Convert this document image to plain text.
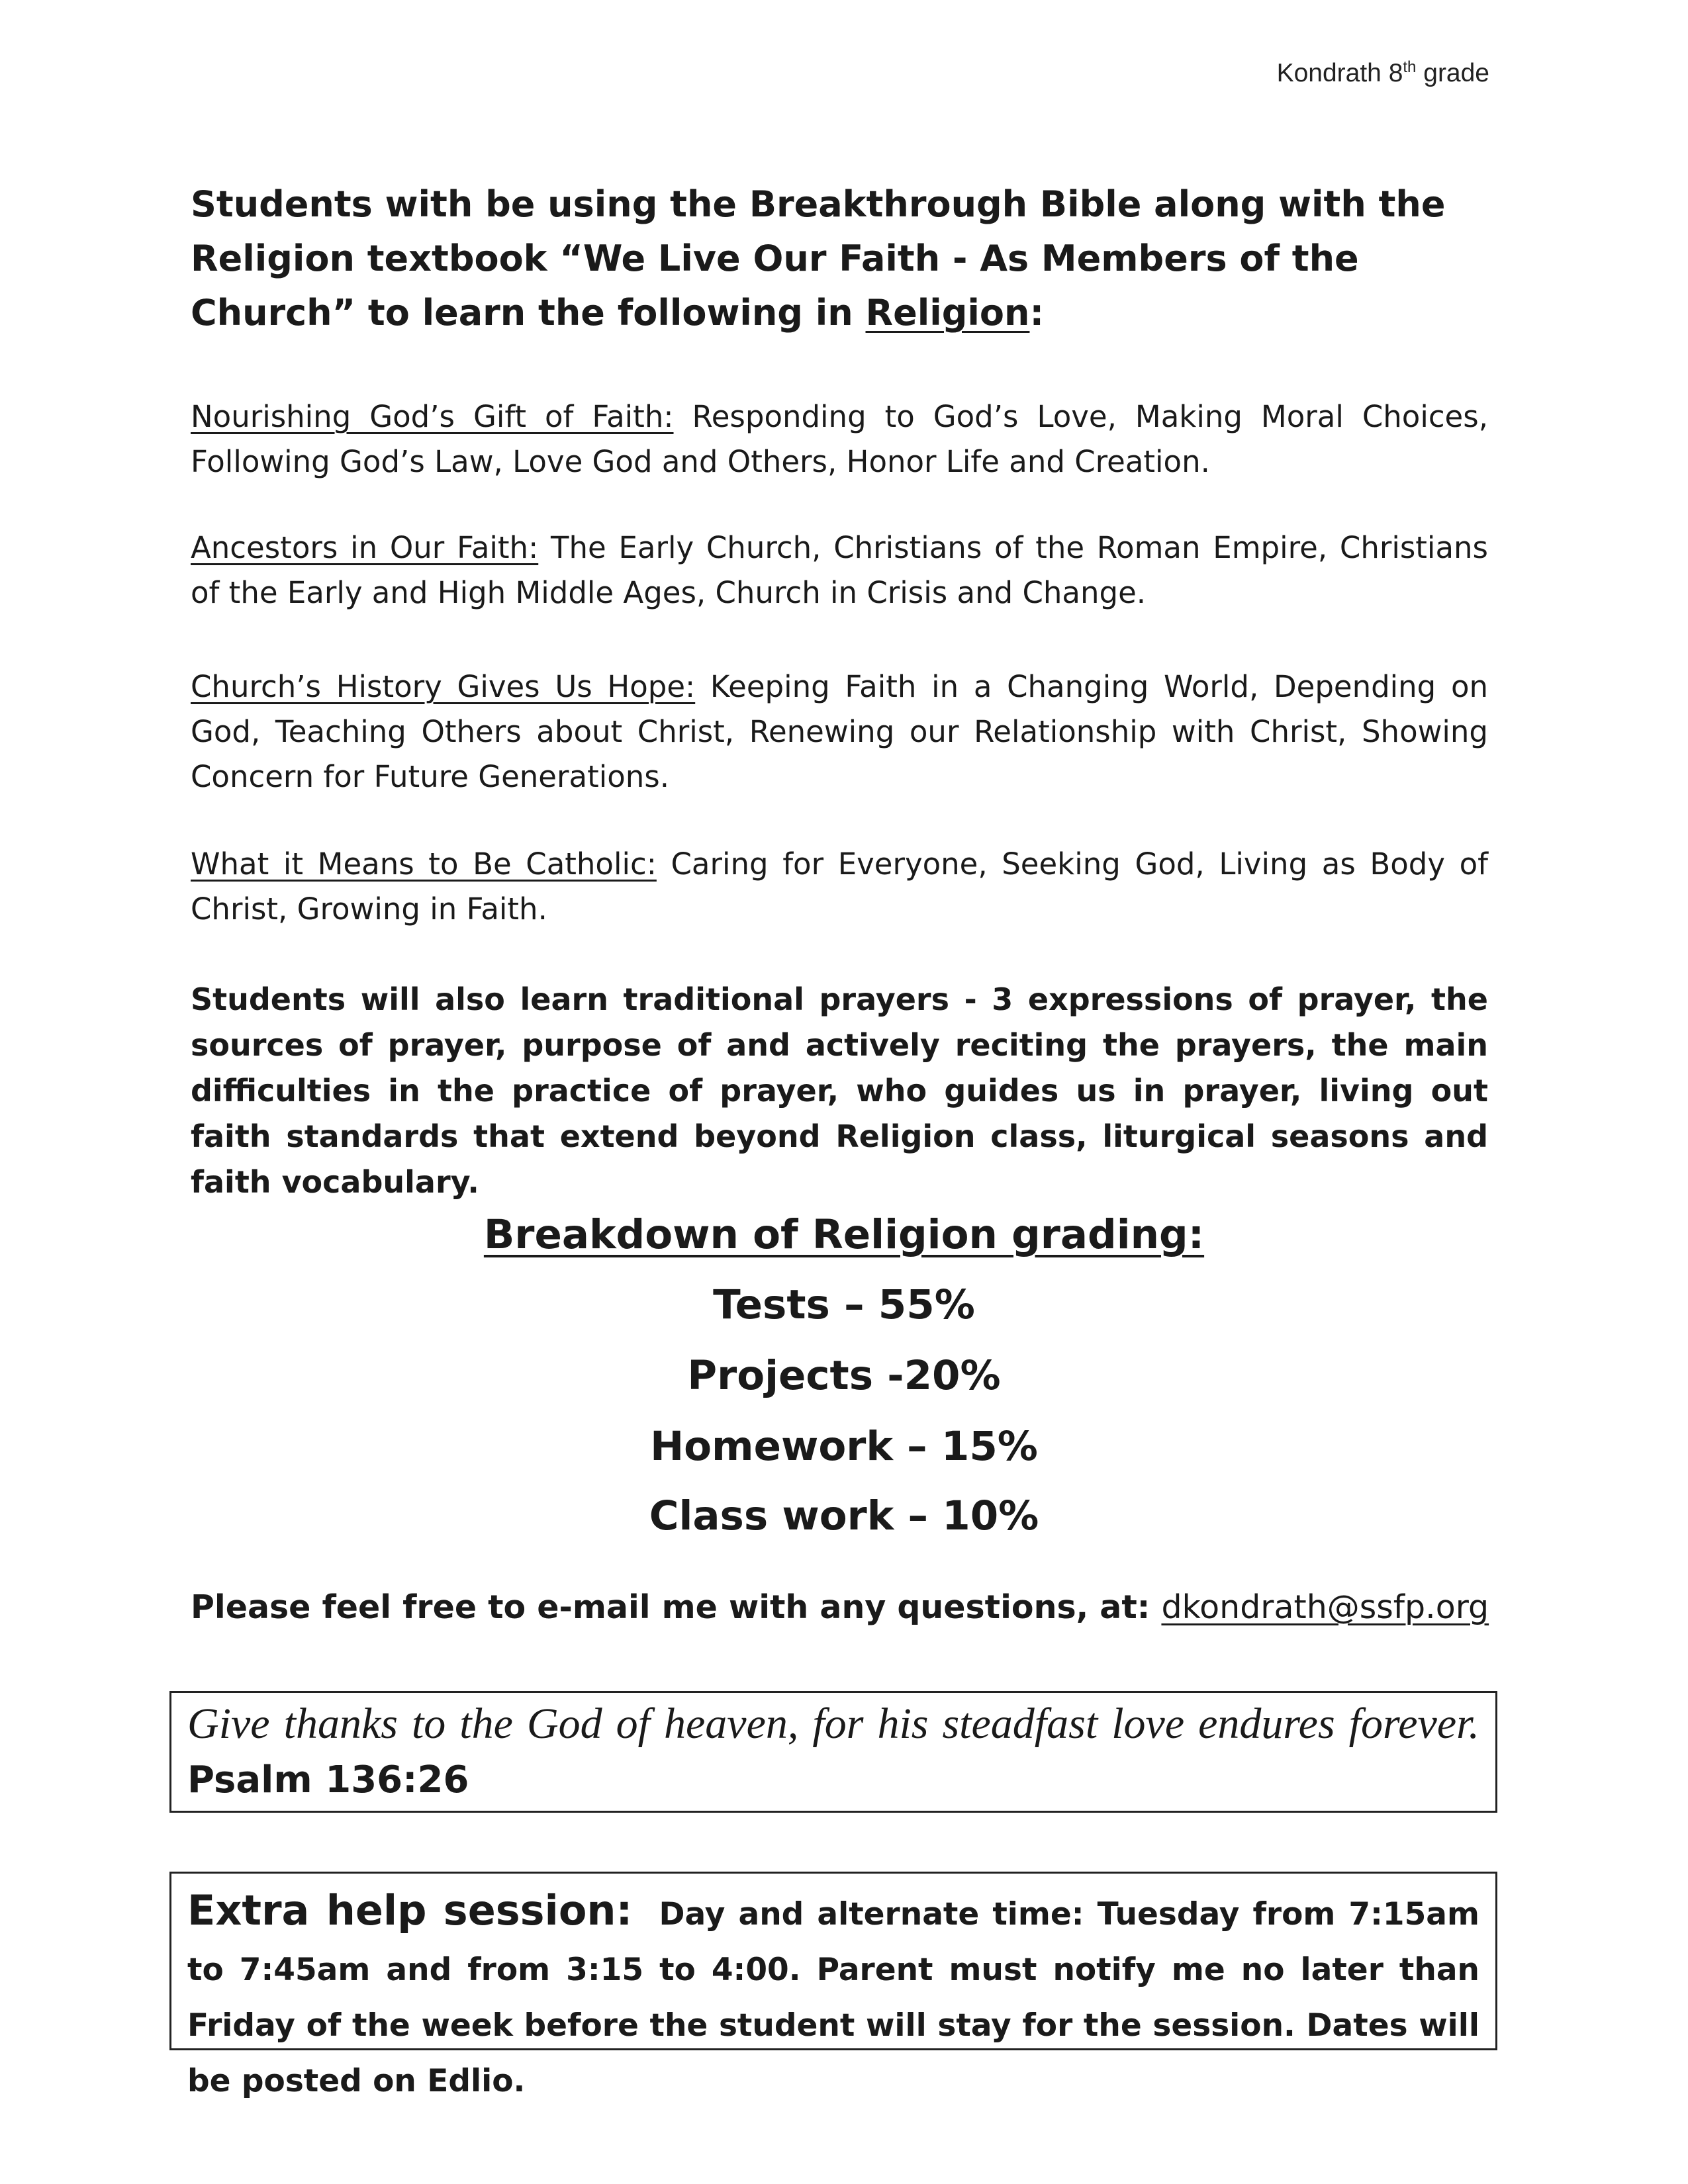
Kondrath 8th grade
Students with be using the Breakthrough Bible along with the Religion textbook “We Live Our Faith - As Members of the Church” to learn the following in Religion:
Nourishing God’s Gift of Faith: Responding to God’s Love, Making Moral Choices, Following God’s Law, Love God and Others, Honor Life and Creation.
Ancestors in Our Faith: The Early Church, Christians of the Roman Empire, Christians of the Early and High Middle Ages, Church in Crisis and Change.
Church’s History Gives Us Hope: Keeping Faith in a Changing World, Depending on God, Teaching Others about Christ, Renewing our Relationship with Christ, Showing Concern for Future Generations.
What it Means to Be Catholic: Caring for Everyone, Seeking God, Living as Body of Christ, Growing in Faith.
Students will also learn traditional prayers - 3 expressions of prayer, the sources of prayer, purpose of and actively reciting the prayers, the main difficulties in the practice of prayer, who guides us in prayer, living out faith standards that extend beyond Religion class, liturgical seasons and faith vocabulary.
Breakdown of Religion grading:
Tests – 55%
Projects -20%
Homework – 15%
Class work – 10%
Please feel free to e-mail me with any questions, at: dkondrath@ssfp.org
Give thanks to the God of heaven, for his steadfast love endures forever. Psalm 136:26
Extra help session: Day and alternate time: Tuesday from 7:15am to 7:45am and from 3:15 to 4:00. Parent must notify me no later than Friday of the week before the student will stay for the session. Dates will be posted on Edlio.
